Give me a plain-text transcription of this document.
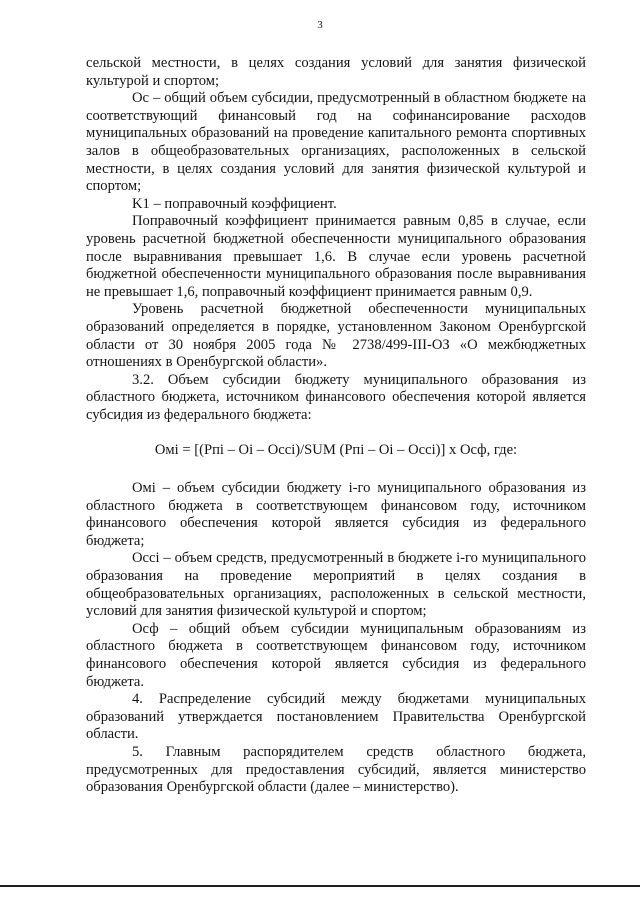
3

сельской местности, в целях создания условий для занятия физической культурой и спортом;

Ос – общий объем субсидии, предусмотренный в областном бюджете на соответствующий финансовый год на софинансирование расходов муниципальных образований на проведение капитального ремонта спортивных залов в общеобразовательных организациях, расположенных в сельской местности, в целях создания условий для занятия физической культурой и спортом;

K1 – поправочный коэффициент.

Поправочный коэффициент принимается равным 0,85 в случае, если уровень расчетной бюджетной обеспеченности муниципального образования после выравнивания превышает 1,6. В случае если уровень расчетной бюджетной обеспеченности муниципального образования после выравнивания не превышает 1,6, поправочный коэффициент принимается равным 0,9.

Уровень расчетной бюджетной обеспеченности муниципальных образований определяется в порядке, установленном Законом Оренбургской области от 30 ноября 2005 года № 2738/499-III-ОЗ «О межбюджетных отношениях в Оренбургской области».

3.2. Объем субсидии бюджету муниципального образования из областного бюджета, источником финансового обеспечения которой является субсидия из федерального бюджета:

Омi = [(Рпi – Оi – Оссi)/SUM (Рпi – Оi – Оссi)] х Осф, где:

Омi – объем субсидии бюджету i-го муниципального образования из областного бюджета в соответствующем финансовом году, источником финансового обеспечения которой является субсидия из федерального бюджета;

Оссi – объем средств, предусмотренный в бюджете i-го муниципального образования на проведение мероприятий в целях создания в общеобразовательных организациях, расположенных в сельской местности, условий для занятия физической культурой и спортом;

Осф – общий объем субсидии муниципальным образованиям из областного бюджета в соответствующем финансовом году, источником финансового обеспечения которой является субсидия из федерального бюджета.

4. Распределение субсидий между бюджетами муниципальных образований утверждается постановлением Правительства Оренбургской области.

5. Главным распорядителем средств областного бюджета, предусмотренных для предоставления субсидий, является министерство образования Оренбургской области (далее – министерство).
